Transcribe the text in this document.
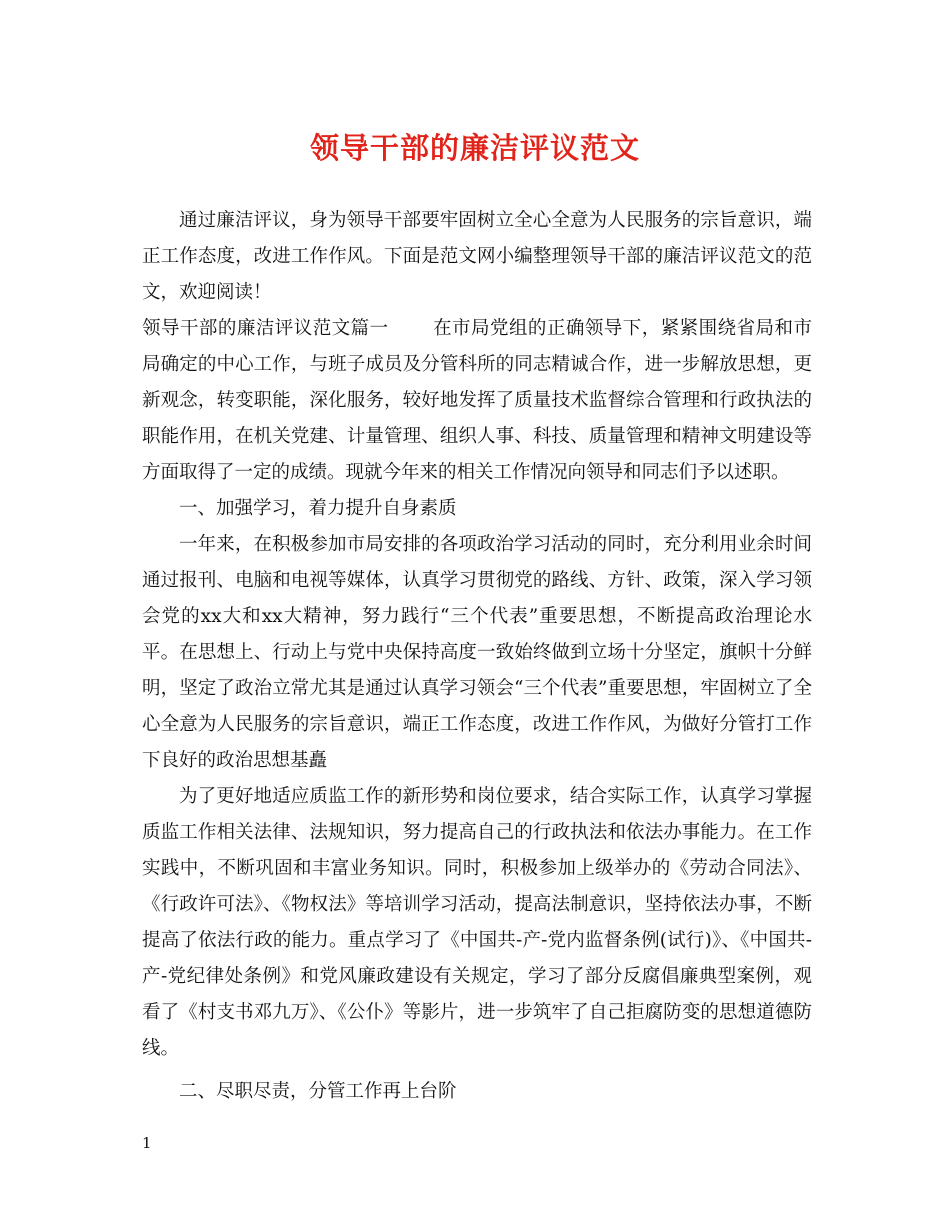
领导干部的廉洁评议范文

通过廉洁评议，身为领导干部要牢固树立全心全意为人民服务的宗旨意识，端正工作态度，改进工作作风。下面是范文网小编整理领导干部的廉洁评议范文的范文，欢迎阅读！

领导干部的廉洁评议范文篇一 在市局党组的正确领导下，紧紧围绕省局和市局确定的中心工作，与班子成员及分管科所的同志精诚合作，进一步解放思想，更新观念，转变职能，深化服务，较好地发挥了质量技术监督综合管理和行政执法的职能作用，在机关党建、计量管理、组织人事、科技、质量管理和精神文明建设等方面取得了一定的成绩。现就今年来的相关工作情况向领导和同志们予以述职。

一、加强学习，着力提升自身素质

一年来，在积极参加市局安排的各项政治学习活动的同时，充分利用业余时间通过报刊、电脑和电视等媒体，认真学习贯彻党的路线、方针、政策，深入学习领会党的xx大和xx大精神，努力践行“三个代表”重要思想，不断提高政治理论水平。在思想上、行动上与党中央保持高度一致始终做到立场十分坚定，旗帜十分鲜明，坚定了政治立常尤其是通过认真学习领会“三个代表”重要思想，牢固树立了全心全意为人民服务的宗旨意识，端正工作态度，改进工作作风，为做好分管打工作下良好的政治思想基矗

为了更好地适应质监工作的新形势和岗位要求，结合实际工作，认真学习掌握质监工作相关法律、法规知识，努力提高自己的行政执法和依法办事能力。在工作实践中，不断巩固和丰富业务知识。同时，积极参加上级举办的《劳动合同法》、《行政许可法》、《物权法》等培训学习活动，提高法制意识，坚持依法办事，不断提高了依法行政的能力。重点学习了《中国共-产-党内监督条例(试行)》、《中国共-产-党纪律处条例》和党风廉政建设有关规定，学习了部分反腐倡廉典型案例，观看了《村支书邓九万》、《公仆》等影片，进一步筑牢了自己拒腐防变的思想道德防线。

二、尽职尽责，分管工作再上台阶

1
